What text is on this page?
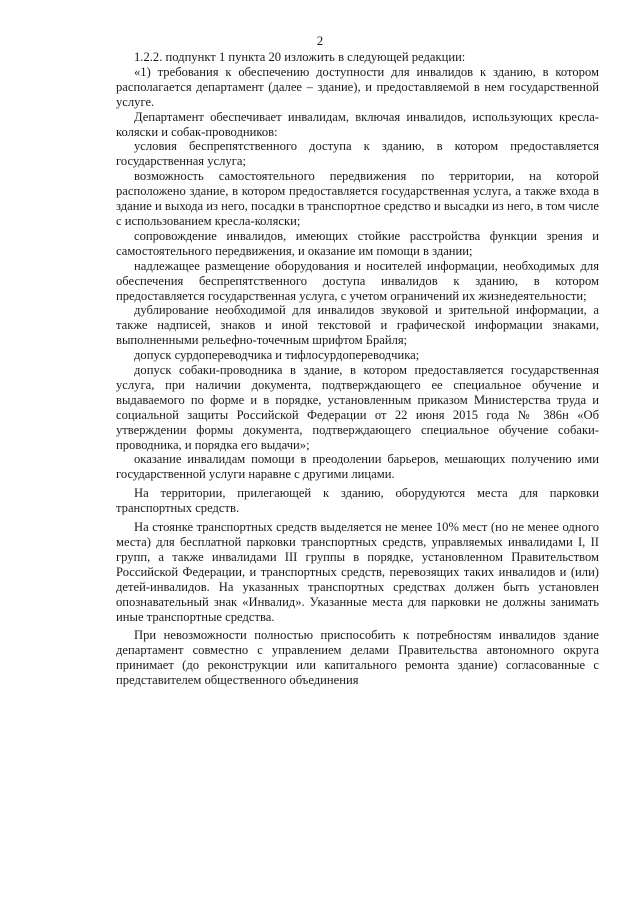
2

1.2.2. подпункт 1 пункта 20 изложить в следующей редакции:

«1) требования к обеспечению доступности для инвалидов к зданию, в котором располагается департамент (далее – здание), и предоставляемой в нем государственной услуге.

Департамент обеспечивает инвалидам, включая инвалидов, использующих кресла-коляски и собак-проводников:

условия беспрепятственного доступа к зданию, в котором предоставляется государственная услуга;

возможность самостоятельного передвижения по территории, на которой расположено здание, в котором предоставляется государственная услуга, а также входа в здание и выхода из него, посадки в транспортное средство и высадки из него, в том числе с использованием кресла-коляски;

сопровождение инвалидов, имеющих стойкие расстройства функции зрения и самостоятельного передвижения, и оказание им помощи в здании;

надлежащее размещение оборудования и носителей информации, необходимых для обеспечения беспрепятственного доступа инвалидов к зданию, в котором предоставляется государственная услуга, с учетом ограничений их жизнедеятельности;

дублирование необходимой для инвалидов звуковой и зрительной информации, а также надписей, знаков и иной текстовой и графической информации знаками, выполненными рельефно-точечным шрифтом Брайля;

допуск сурдопереводчика и тифлосурдопереводчика;

допуск собаки-проводника в здание, в котором предоставляется государственная услуга, при наличии документа, подтверждающего ее специальное обучение и выдаваемого по форме и в порядке, установленным приказом Министерства труда и социальной защиты Российской Федерации от 22 июня 2015 года № 386н «Об утверждении формы документа, подтверждающего специальное обучение собаки-проводника, и порядка его выдачи»;

оказание инвалидам помощи в преодолении барьеров, мешающих получению ими государственной услуги наравне с другими лицами.

На территории, прилегающей к зданию, оборудуются места для парковки транспортных средств.

На стоянке транспортных средств выделяется не менее 10% мест (но не менее одного места) для бесплатной парковки транспортных средств, управляемых инвалидами I, II групп, а также инвалидами III группы в порядке, установленном Правительством Российской Федерации, и транспортных средств, перевозящих таких инвалидов и (или) детей-инвалидов. На указанных транспортных средствах должен быть установлен опознавательный знак «Инвалид». Указанные места для парковки не должны занимать иные транспортные средства.

При невозможности полностью приспособить к потребностям инвалидов здание департамент совместно с управлением делами Правительства автономного округа принимает (до реконструкции или капитального ремонта здание) согласованные с представителем общественного объединения
